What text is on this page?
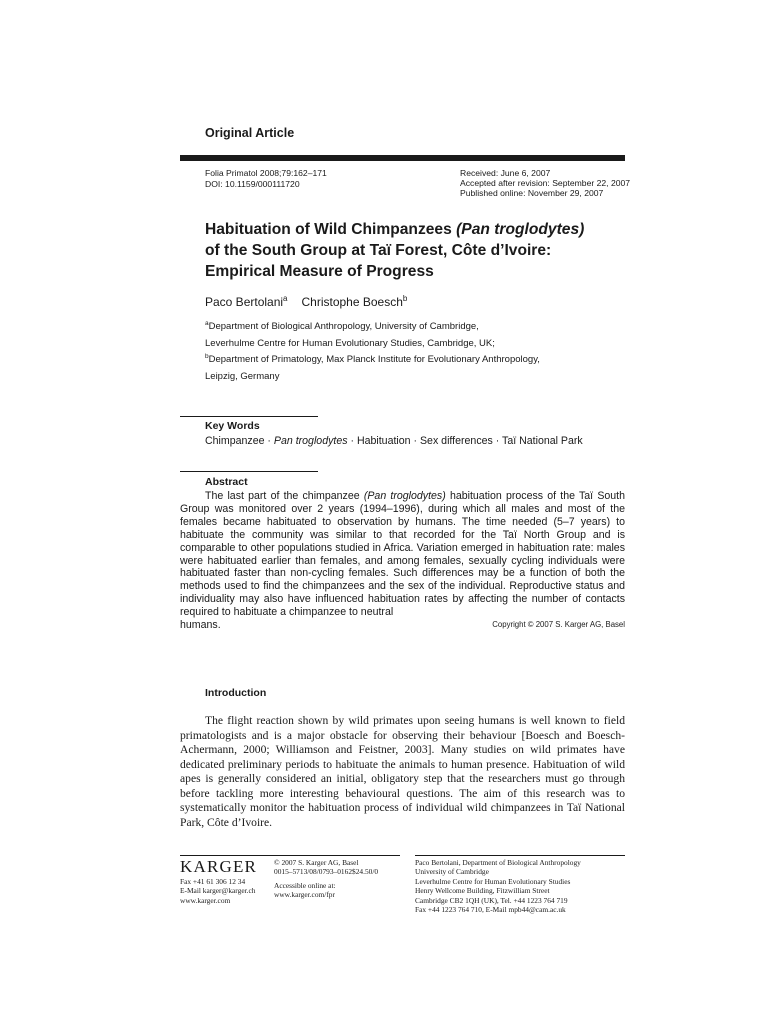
Original Article
Folia Primatol 2008;79:162–171
DOI: 10.1159/000111720
Received: June 6, 2007
Accepted after revision: September 22, 2007
Published online: November 29, 2007
Habituation of Wild Chimpanzees (Pan troglodytes)
of the South Group at Taï Forest, Côte d’Ivoire:
Empirical Measure of Progress
Paco Bertolani$^a$ Christophe Boesch$^b$
$^a$Department of Biological Anthropology, University of Cambridge,
Leverhulme Centre for Human Evolutionary Studies, Cambridge, UK;
$^b$Department of Primatology, Max Planck Institute for Evolutionary Anthropology,
Leipzig, Germany
Key Words
Chimpanzee · Pan troglodytes · Habituation · Sex differences · Taï National Park
Abstract
The last part of the chimpanzee (Pan troglodytes) habituation process of the Taï South Group was monitored over 2 years (1994–1996), during which all males and most of the females became habituated to observation by humans. The time needed (5–7 years) to habituate the community was similar to that recorded for the Taï North Group and is comparable to other populations studied in Africa. Variation emerged in habituation rate: males were habituated earlier than females, and among females, sexually cycling individuals were habituated faster than non-cycling females. Such differences may be a function of both the methods used to find the chimpanzees and the sex of the individual. Reproductive status and individuality may also have influenced habituation rates by affecting the number of contacts required to habituate a chimpanzee to neutral
humans.	Copyright © 2007 S. Karger AG, Basel
Introduction
The flight reaction shown by wild primates upon seeing humans is well known to field primatologists and is a major obstacle for observing their behaviour [Boesch and Boesch-Achermann, 2000; Williamson and Feistner, 2003]. Many studies on wild primates have dedicated preliminary periods to habituate the animals to human presence. Habituation of wild apes is generally considered an initial, obligatory step that the researchers must go through before tackling more interesting behavioural questions. The aim of this research was to systematically monitor the habituation process of individual wild chimpanzees in Taï National Park, Côte d’Ivoire.
KARGER
Fax +41 61 306 12 34
E-Mail karger@karger.ch
www.karger.com
© 2007 S. Karger AG, Basel
0015–5713/08/0793–0162$24.50/0
Accessible online at:
www.karger.com/fpr
Paco Bertolani, Department of Biological Anthropology
University of Cambridge
Leverhulme Centre for Human Evolutionary Studies
Henry Wellcome Building, Fitzwilliam Street
Cambridge CB2 1QH (UK), Tel. +44 1223 764 719
Fax +44 1223 764 710, E-Mail mpb44@cam.ac.uk
